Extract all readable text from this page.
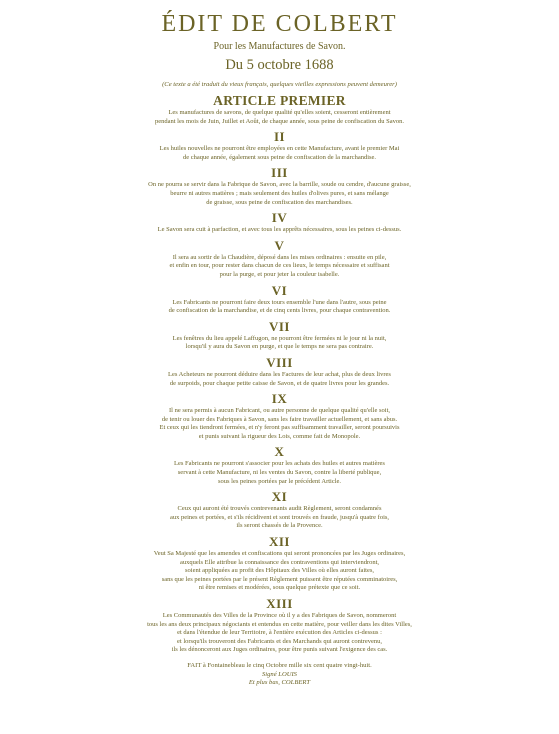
ÉDIT DE COLBERT
Pour les Manufactures de Savon.
Du 5 octobre 1688
(Ce texte a été traduit du vieux français, quelques vieilles expressions peuvent demeurer)
ARTICLE PREMIER
Les manufactures de savons, de quelque qualité qu'elles soient, cesseront entièrement
pendant les mois de Juin, Juillet et Août, de chaque année, sous peine de confiscation du Savon.
II
Les huiles nouvelles ne pourront être employées en cette Manufacture, avant le premier Mai
de chaque année, également sous peine de confiscation de la marchandise.
III
On ne pourra se servir dans la Fabrique de Savon, avec la barrille, soude ou cendre, d'aucune graisse,
beurre ni autres matières ; mais seulement des huiles d'olives pures, et sans mélange
de graisse, sous peine de confiscation des marchandises.
IV
Le Savon sera cuit à parfaction, et avec tous les apprêts nécessaires, sous les peines ci-dessus.
V
Il sera au sortir de la Chaudière, déposé dans les mises ordinaires : ensuite en pile,
et enfin en tour, pour rester dans chacun de ces lieux, le temps nécessaire et suffisant
pour la purge, et pour jeter la couleur isabelle.
VI
Les Fabricants ne pourront faire deux tours ensemble l'une dans l'autre, sous peine
de confiscation de la marchandise, et de cinq cents livres, pour chaque contravention.
VII
Les fenêtres du lieu appelé Laffugon, ne pourront être fermées ni le jour ni la nuit,
lorsqu'il y aura du Savon en purge, et que le temps ne sera pas contraire.
VIII
Les Acheteurs ne pourront déduire dans les Factures de leur achat, plus de deux livres
de surpoids, pour chaque petite caisse de Savon, et de quatre livres pour les grandes.
IX
Il ne sera permis à aucun Fabricant, ou autre personne de quelque qualité qu'elle soit,
de tenir ou louer des Fabriques à Savon, sans les faire travailler actuellement, et sans abus.
Et ceux qui les tiendront fermées, et n'y feront pas suffisamment travailler, seront poursuivis
et punis suivant la rigueur des Lois, comme fait de Monopole.
X
Les Fabricants ne pourront s'associer pour les achats des huiles et autres matières
servant à cette Manufacture, ni les ventes du Savon, contre la liberté publique,
sous les peines portées par le précédent Article.
XI
Ceux qui auront été trouvés contrevenants audit Règlement, seront condamnés
aux peines et portées, et s'ils récidivent et sont trouvés en fraude, jusqu'à quatre fois,
ils seront chassés de la Provence.
XII
Veut Sa Majesté que les amendes et confiscations qui seront prononcées par les Juges ordinaires,
auxquels Elle attribue la connaissance des contraventions qui interviendront,
soient appliquées au profit des Hôpitaux des Villes où elles auront faites,
sans que les peines portées par le présent Règlement puissent être réputées comminatoires,
ni être remises et modérées, sous quelque prétexte que ce soit.
XIII
Les Communautés des Villes de la Province où il y a des Fabriques de Savon, nommeront
tous les ans deux principaux négociants et entendus en cette matière, pour veiller dans les dites Villes,
et dans l'étendue de leur Territoire, à l'entière exécution des Articles ci-dessus :
et lorsqu'ils trouveront des Fabricants et des Marchands qui auront contrevenu,
ils les dénonceront aux Juges ordinaires, pour être punis suivant l'exigence des cas.
FAIT à Fontainebleau le cinq Octobre mille six cent quatre vingt-huit.
Signé LOUIS
Et plus bas, COLBERT
